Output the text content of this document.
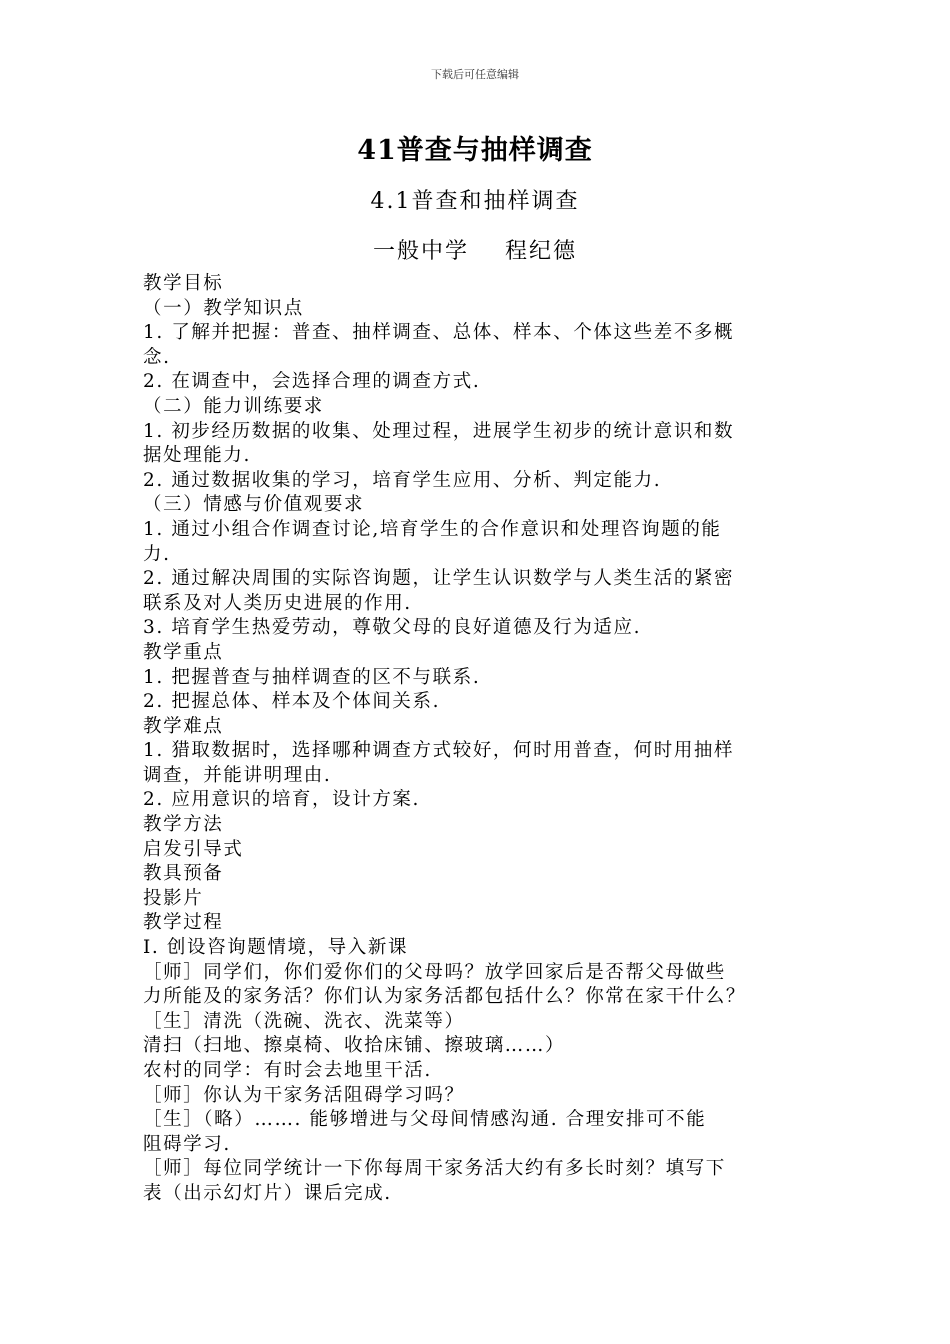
下载后可任意编辑
41普查与抽样调查
4.1普查和抽样调查
一般中学    程纪德
教学目标
（一）教学知识点
1. 了解并把握：普查、抽样调查、总体、样本、个体这些差不多概
念.
2. 在调查中，会选择合理的调查方式.
（二）能力训练要求
1. 初步经历数据的收集、处理过程，进展学生初步的统计意识和数
据处理能力.
2. 通过数据收集的学习，培育学生应用、分析、判定能力.
（三）情感与价值观要求
1. 通过小组合作调查讨论,培育学生的合作意识和处理咨询题的能
力.
2. 通过解决周围的实际咨询题，让学生认识数学与人类生活的紧密
联系及对人类历史进展的作用.
3. 培育学生热爱劳动，尊敬父母的良好道德及行为适应.
教学重点
1. 把握普查与抽样调查的区不与联系.
2. 把握总体、样本及个体间关系.
教学难点
1. 猎取数据时，选择哪种调查方式较好，何时用普查，何时用抽样
调查，并能讲明理由.
2. 应用意识的培育，设计方案.
教学方法
启发引导式
教具预备
投影片
教学过程
Ⅰ. 创设咨询题情境，导入新课
［师］同学们，你们爱你们的父母吗？放学回家后是否帮父母做些
力所能及的家务活？你们认为家务活都包括什么？你常在家干什么？
［生］清洗（洗碗、洗衣、洗菜等）
清扫（扫地、擦桌椅、收拾床铺、擦玻璃……）
农村的同学：有时会去地里干活.
［师］你认为干家务活阻碍学习吗？
［生］（略）……. 能够增进与父母间情感沟通. 合理安排可不能
阻碍学习.
［师］每位同学统计一下你每周干家务活大约有多长时刻？填写下
表（出示幻灯片）课后完成.
